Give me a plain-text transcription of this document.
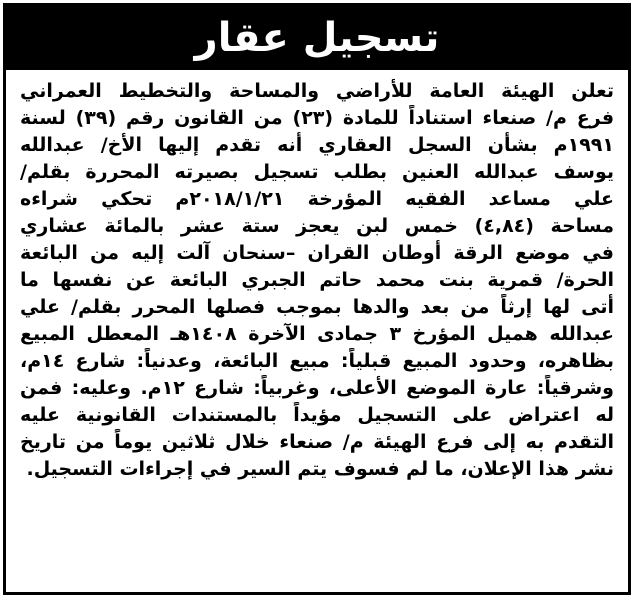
تسجيل عقار
تعلن الهيئة العامة للأراضي والمساحة والتخطيط العمراني
فرع م/ صنعاء استناداً للمادة (٢٣) من القانون رقم (٣٩) لسنة
١٩٩١م بشأن السجل العقاري أنه تقدم إليها الأخ/ عبدالله
يوسف عبدالله العنين بطلب تسجيل بصيرته المحررة بقلم/
علي مساعد الفقيه المؤرخة ٢٠١٨/١/٢١م تحكي شراءه
مساحة (٤,٨٤) خمس لبن يعجز ستة عشر بالمائة عشاري
في موضع الرقة أوطان القران –سنحان آلت إليه من البائعة
الحرة/ قمرية بنت محمد حاتم الجبري البائعة عن نفسها ما
أتى لها إرثاً من بعد والدها بموجب فصلها المحرر بقلم/ علي
عبدالله هميل المؤرخ ٣ جمادى الآخرة ١٤٠٨هـ المعطل المبيع
بظاهره، وحدود المبيع قبلياً: مبيع البائعة، وعدنياً: شارع ١٤م،
وشرقياً: عارة الموضع الأعلى، وغربياً: شارع ١٢م. وعليه: فمن
له اعتراض على التسجيل مؤيداً بالمستندات القانونية عليه
التقدم به إلى فرع الهيئة م/ صنعاء خلال ثلاثين يوماً من تاريخ
نشر هذا الإعلان، ما لم فسوف يتم السير في إجراءات التسجيل.
